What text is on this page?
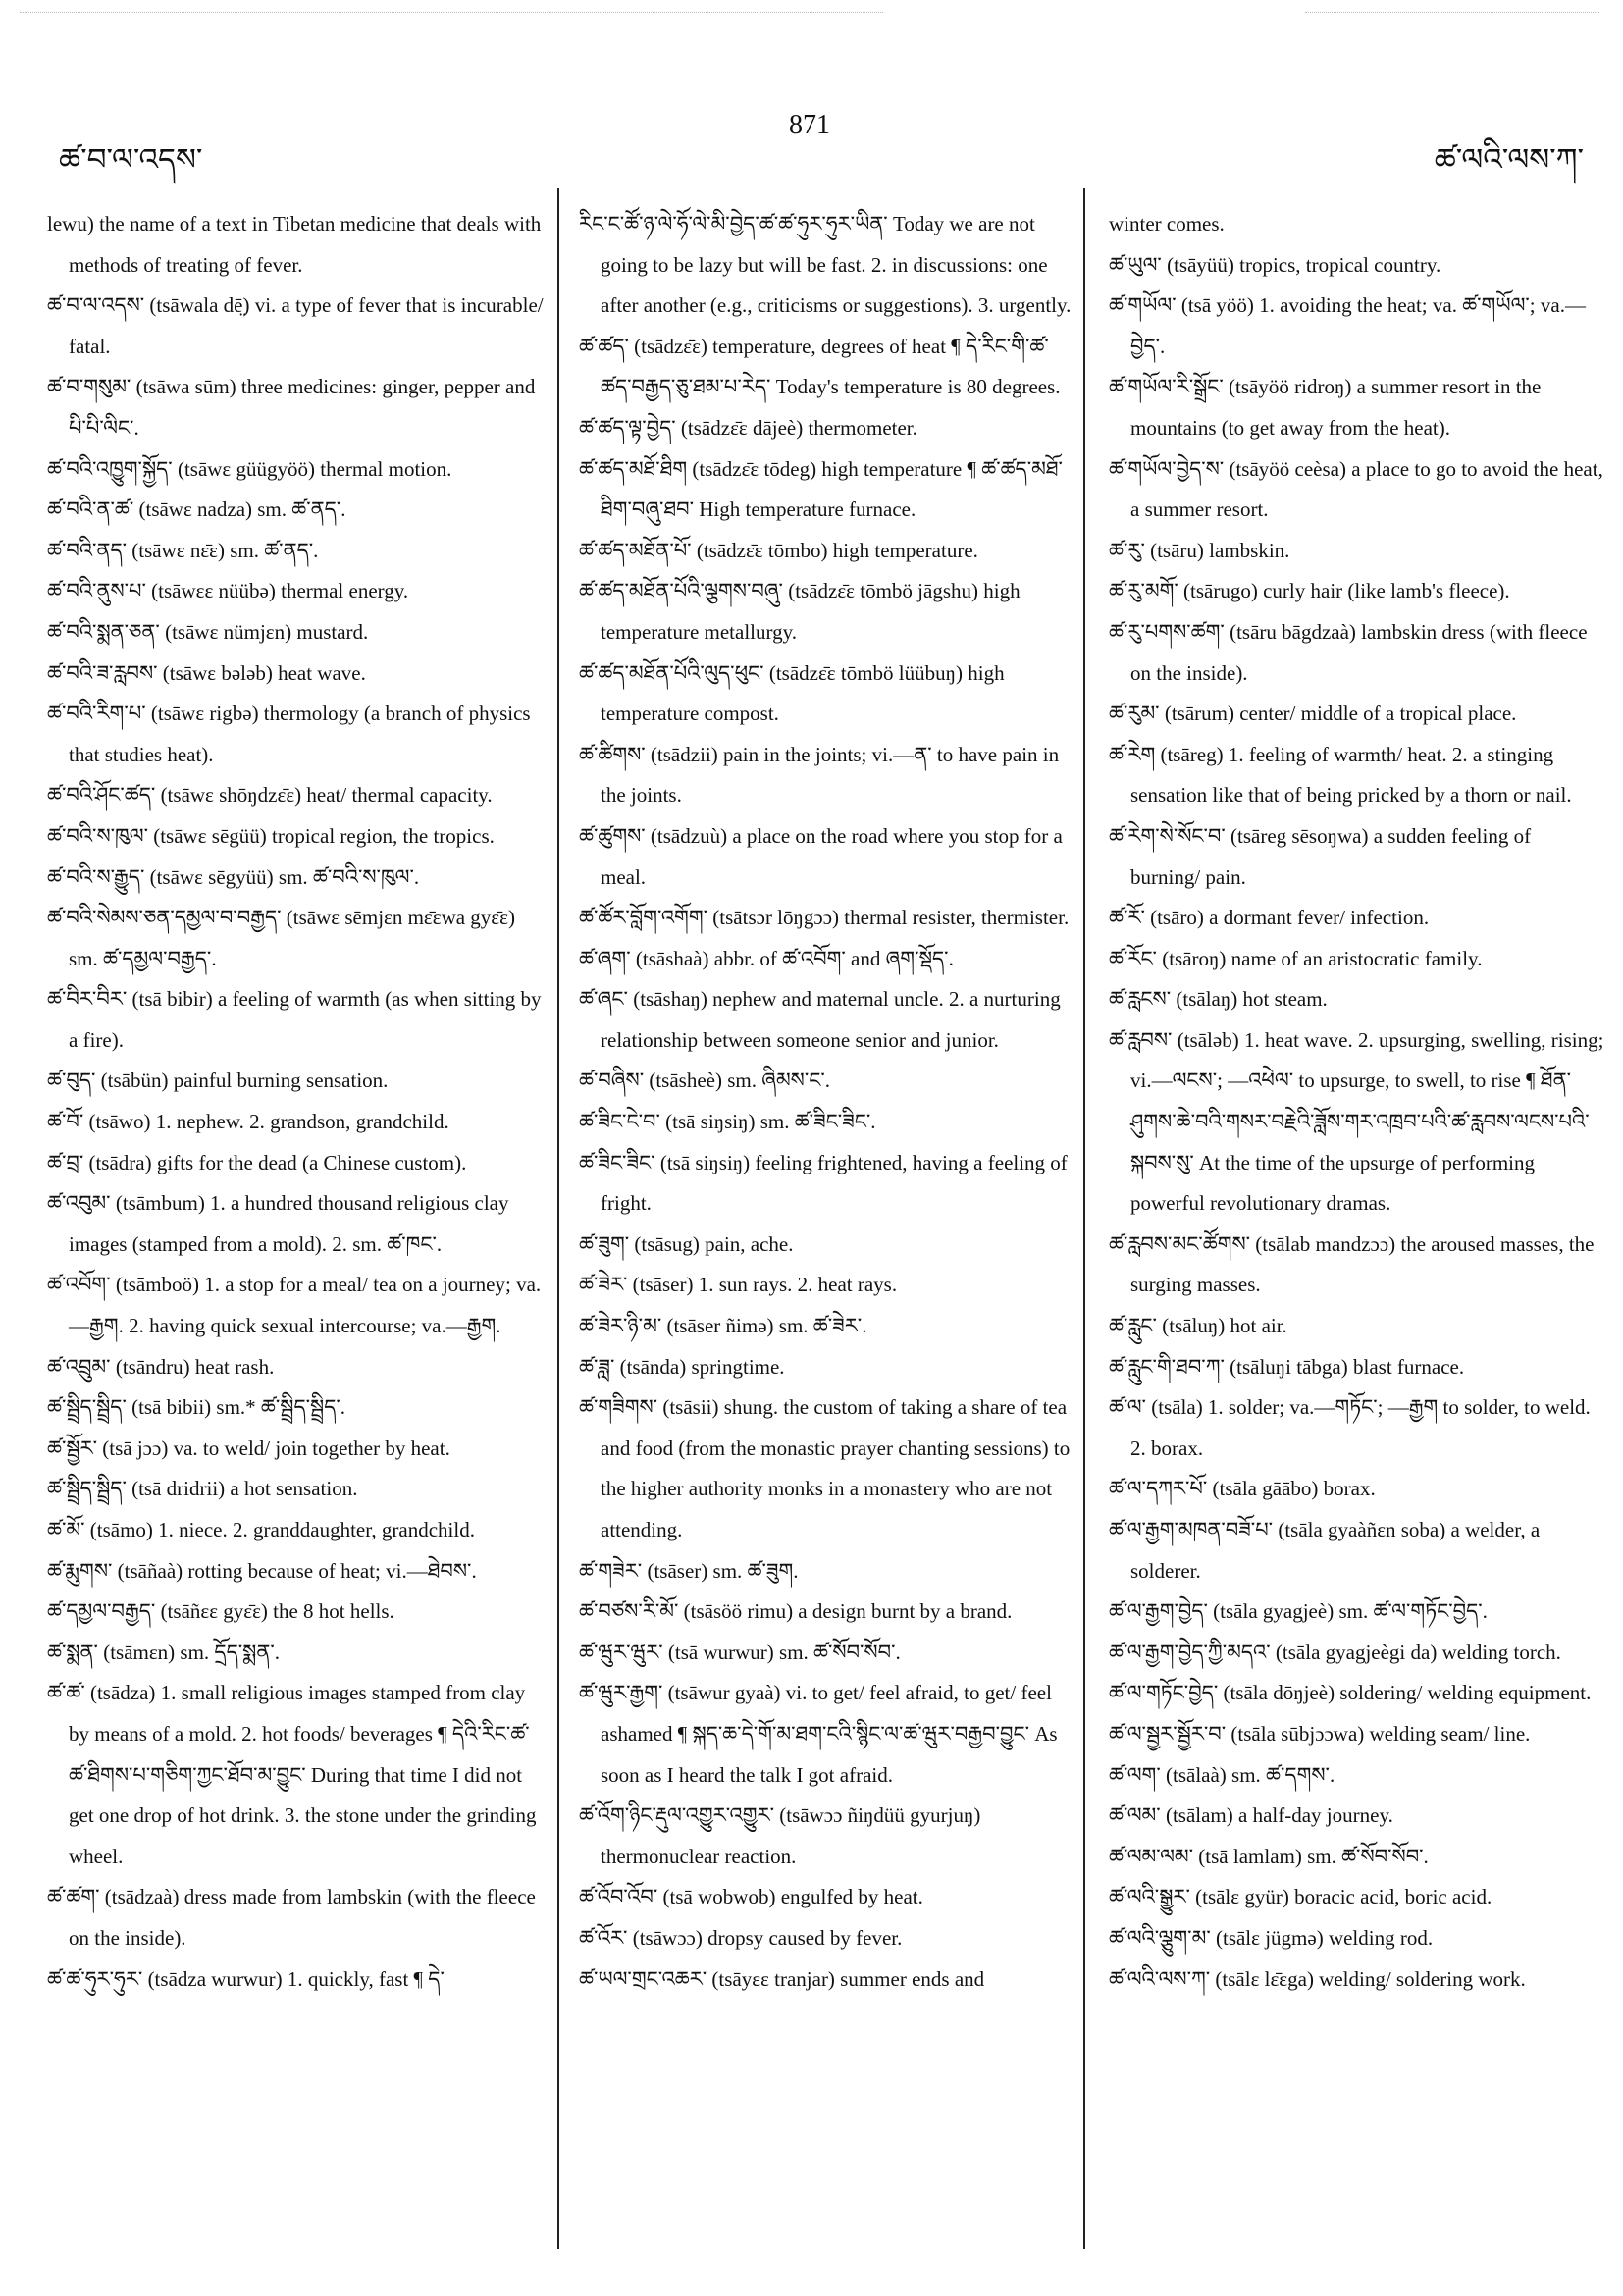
ཚ་བ་ལ་འདས་
871
ཚ་ལའི་ལས་ཀ་

lewu) the name of a text in Tibetan medicine that deals with methods of treating of fever.

ཚ་བ་ལ་འདས་ (tsāwala dē̤) vi. a type of fever that is incurable/ fatal.

ཚ་བ་གསུམ་ (tsāwa sūm) three medicines: ginger, pepper and པི་པི་ལིང་.

ཚ་བའི་འཁྱུག་སྐྱོད་ (tsāwɛ güügyöö) thermal motion.

ཚ་བའི་ན་ཚ་ (tsāwɛ nadza) sm. ཚ་ནད་.

ཚ་བའི་ནད་ (tsāwɛ nɛ̄ɛ) sm. ཚ་ནད་.

ཚ་བའི་ནུས་པ་ (tsāwɛɛ nüübə) thermal energy.

ཚ་བའི་སྨན་ཅན་ (tsāwɛ nümjɛn) mustard.

ཚ་བའི་ཟ་རླབས་ (tsāwɛ bələb) heat wave.

ཚ་བའི་རིག་པ་ (tsāwɛ rigbə) thermology (a branch of physics that studies heat).

ཚ་བའི་ཤོང་ཚད་ (tsāwɛ shōŋdzɛ̄ɛ) heat/ thermal capacity.

ཚ་བའི་ས་ཁུལ་ (tsāwɛ sēgüü) tropical region, the tropics.

ཚ་བའི་ས་རྒྱུད་ (tsāwɛ sēgyüü) sm. ཚ་བའི་ས་ཁུལ་.

ཚ་བའི་སེམས་ཅན་དམྱལ་བ་བརྒྱད་ (tsāwɛ sēmjɛn mɛ̄ɛwa gyɛ̄ɛ) sm. ཚ་དམྱལ་བརྒྱད་.

ཚ་བིར་བིར་ (tsā bibir) a feeling of warmth (as when sitting by a fire).

ཚ་བུད་ (tsābün) painful burning sensation.

ཚ་བོ་ (tsāwo) 1. nephew. 2. grandson, grandchild.

ཚ་བྲ་ (tsādra) gifts for the dead (a Chinese custom).

ཚ་འབུམ་ (tsāmbum) 1. a hundred thousand religious clay images (stamped from a mold). 2. sm. ཚ་ཁང་.

ཚ་འབོག་ (tsāmboö) 1. a stop for a meal/ tea on a journey; va.—རྒྱག. 2. having quick sexual intercourse; va.—རྒྱག.

ཚ་འབྲུམ་ (tsāndru) heat rash.

ཚ་སྦྲིད་སྦྲིད་ (tsā bibii) sm.* ཚ་སྦྲིད་སྦྲིད་.

ཚ་སྦྱོར་ (tsā jɔɔ) va. to weld/ join together by heat.

ཚ་སྦྲིད་སྦྲིད་ (tsā dridrii) a hot sensation.

ཚ་མོ་ (tsāmo) 1. niece. 2. granddaughter, grandchild.

ཚ་རྨུགས་ (tsāñaà) rotting because of heat; vi.—ཐེབས་.

ཚ་དམྱལ་བརྒྱད་ (tsāñɛɛ gyɛ̄ɛ) the 8 hot hells.

ཚ་སྨན་ (tsāmɛn) sm. དྲོད་སྨན་.

ཚ་ཚ་ (tsādza) 1. small religious images stamped from clay by means of a mold. 2. hot foods/ beverages ¶ དེའི་རིང་ཚ་ཚ་ཐིགས་པ་གཅིག་ཀྱང་ཐོབ་མ་བྱུང་ During that time I did not get one drop of hot drink. 3. the stone under the grinding wheel.

ཚ་ཚག་ (tsādzaà) dress made from lambskin (with the fleece on the inside).

ཚ་ཚ་ཧུར་ཧུར་ (tsādza wurwur) 1. quickly, fast ¶ དེ་

རིང་ང་ཚོ་ཉ་ལེ་ཧོ་ལེ་མི་བྱེད་ཚ་ཚ་ཧུར་ཧུར་ཡིན་ Today we are not going to be lazy but will be fast. 2. in discussions: one after another (e.g., criticisms or suggestions). 3. urgently.

ཚ་ཚད་ (tsādzɛ̄ɛ) temperature, degrees of heat ¶ དེ་རིང་གི་ཚ་ཚད་བརྒྱད་ཅུ་ཐམ་པ་རེད་ Today's temperature is 80 degrees.

ཚ་ཚད་ལྟ་བྱེད་ (tsādzɛ̄ɛ dājeè) thermometer.

ཚ་ཚད་མཐོ་ཐིག (tsādzɛ̄ɛ tōdeg) high temperature ¶ ཚ་ཚད་མཐོ་ཐིག་བཞུ་ཐབ་ High temperature furnace.

ཚ་ཚད་མཐོན་པོ་ (tsādzɛ̄ɛ tōmbo) high temperature.

ཚ་ཚད་མཐོན་པོའི་ལྕགས་བཞུ་ (tsādzɛ̄ɛ tōmbö jāgshu) high temperature metallurgy.

ཚ་ཚད་མཐོན་པོའི་ལུད་ཕུང་ (tsādzɛ̄ɛ tōmbö lüübuŋ) high temperature compost.

ཚ་ཚིགས་ (tsādzii) pain in the joints; vi.—ན་ to have pain in the joints.

ཚ་ཚུགས་ (tsādzuù) a place on the road where you stop for a meal.

ཚ་ཚོར་བློག་འགོག་ (tsātsɔr lōŋgɔɔ) thermal resister, thermister.

ཚ་ཞག་ (tsāshaà) abbr. of ཚ་འབོག་ and ཞག་སྡོད་.

ཚ་ཞང་ (tsāshaŋ) nephew and maternal uncle. 2. a nurturing relationship between someone senior and junior.

ཚ་བཞིས་ (tsāsheè) sm. ཞིམས་ང་.

ཚ་ཟིང་ངེ་བ་ (tsā siŋsiŋ) sm. ཚ་ཟིང་ཟིང་.

ཚ་ཟིང་ཟིང་ (tsā siŋsiŋ) feeling frightened, having a feeling of fright.

ཚ་ཟུག་ (tsāsug) pain, ache.

ཚ་ཟེར་ (tsāser) 1. sun rays. 2. heat rays.

ཚ་ཟེར་ཉི་མ་ (tsāser ñimə) sm. ཚ་ཟེར་.

ཚ་ཟླ་ (tsānda) springtime.

ཚ་གཟིགས་ (tsāsii) shung. the custom of taking a share of tea and food (from the monastic prayer chanting sessions) to the higher authority monks in a monastery who are not attending.

ཚ་གཟེར་ (tsāser) sm. ཚ་ཟུག.

ཚ་བཙས་རི་མོ་ (tsāsöö rimu) a design burnt by a brand.

ཚ་ཝུར་ཝུར་ (tsā wurwur) sm. ཚ་སོབ་སོབ་.

ཚ་ཝུར་རྒྱག་ (tsāwur gyaà) vi. to get/ feel afraid, to get/ feel ashamed ¶ སྐད་ཆ་དེ་གོ་མ་ཐག་ངའི་སྙིང་ལ་ཚ་ཝུར་བརྒྱབ་བྱུང་ As soon as I heard the talk I got afraid.

ཚ་འོག་ཉིང་རྡུལ་འགྱུར་འགྱུར་ (tsāwɔɔ ñiŋdüü gyurjuŋ) thermonuclear reaction.

ཚ་འོབ་འོབ་ (tsā wobwob) engulfed by heat.

ཚ་འོར་ (tsāwɔɔ) dropsy caused by fever.

ཚ་ཡལ་གྲང་འཆར་ (tsāyɛɛ tranjar) summer ends and

winter comes.

ཚ་ཡུལ་ (tsāyüü) tropics, tropical country.

ཚ་གཡོལ་ (tsā yöö) 1. avoiding the heat; va. ཚ་གཡོལ་; va.—བྱེད་.

ཚ་གཡོལ་རི་སྒྲོང་ (tsāyöö ridroŋ) a summer resort in the mountains (to get away from the heat).

ཚ་གཡོལ་བྱེད་ས་ (tsāyöö ceèsa) a place to go to avoid the heat, a summer resort.

ཚ་རུ་ (tsāru) lambskin.

ཚ་རུ་མགོ་ (tsārugo) curly hair (like lamb's fleece).

ཚ་རུ་པགས་ཚག་ (tsāru bāgdzaà) lambskin dress (with fleece on the inside).

ཚ་རུམ་ (tsārum) center/ middle of a tropical place.

ཚ་རེག (tsāreg) 1. feeling of warmth/ heat. 2. a stinging sensation like that of being pricked by a thorn or nail.

ཚ་རེག་སེ་སོང་བ་ (tsāreg sēsoŋwa) a sudden feeling of burning/ pain.

ཚ་རོ་ (tsāro) a dormant fever/ infection.

ཚ་རོང་ (tsāroŋ) name of an aristocratic family.

ཚ་རླངས་ (tsālaŋ) hot steam.

ཚ་རླབས་ (tsāləb) 1. heat wave. 2. upsurging, swelling, rising; vi.—ལངས་; —འཕེལ་ to upsurge, to swell, to rise ¶ ཐོན་ཤུགས་ཆེ་བའི་གསར་བརྗེའི་ཟློས་གར་འཁྲབ་པའི་ཚ་རླབས་ལངས་པའི་སྐབས་སུ་ At the time of the upsurge of performing powerful revolutionary dramas.

ཚ་རླབས་མང་ཚོགས་ (tsālab mandzɔɔ) the aroused masses, the surging masses.

ཚ་རླུང་ (tsāluŋ) hot air.

ཚ་རླུང་གི་ཐབ་ཀ་ (tsāluŋi tābga) blast furnace.

ཚ་ལ་ (tsāla) 1. solder; va.—གཏོང་; —རྒྱག to solder, to weld. 2. borax.

ཚ་ལ་དཀར་པོ་ (tsāla gāābo) borax.

ཚ་ལ་རྒྱག་མཁན་བཟོ་པ་ (tsāla gyaàñɛn soba) a welder, a solderer.

ཚ་ལ་རྒྱག་བྱེད་ (tsāla gyagjeè) sm. ཚ་ལ་གཏོང་བྱེད་.

ཚ་ལ་རྒྱག་བྱེད་ཀྱི་མདའ་ (tsāla gyagjeègi da) welding torch.

ཚ་ལ་གཏོང་བྱེད་ (tsāla dōŋjeè) soldering/ welding equipment.

ཚ་ལ་སྦྱར་སྦྱོར་བ་ (tsāla sūbjɔɔwa) welding seam/ line.

ཚ་ལག་ (tsālaà) sm. ཚ་དགས་.

ཚ་ལམ་ (tsālam) a half-day journey.

ཚ་ལམ་ལམ་ (tsā lamlam) sm. ཚ་སོབ་སོབ་.

ཚ་ལའི་སྒྱུར་ (tsālɛ gyür) boracic acid, boric acid.

ཚ་ལའི་ལྕུག་མ་ (tsālɛ jügmə) welding rod.

ཚ་ལའི་ལས་ཀ་ (tsālɛ lɛ̄ɛga) welding/ soldering work.
